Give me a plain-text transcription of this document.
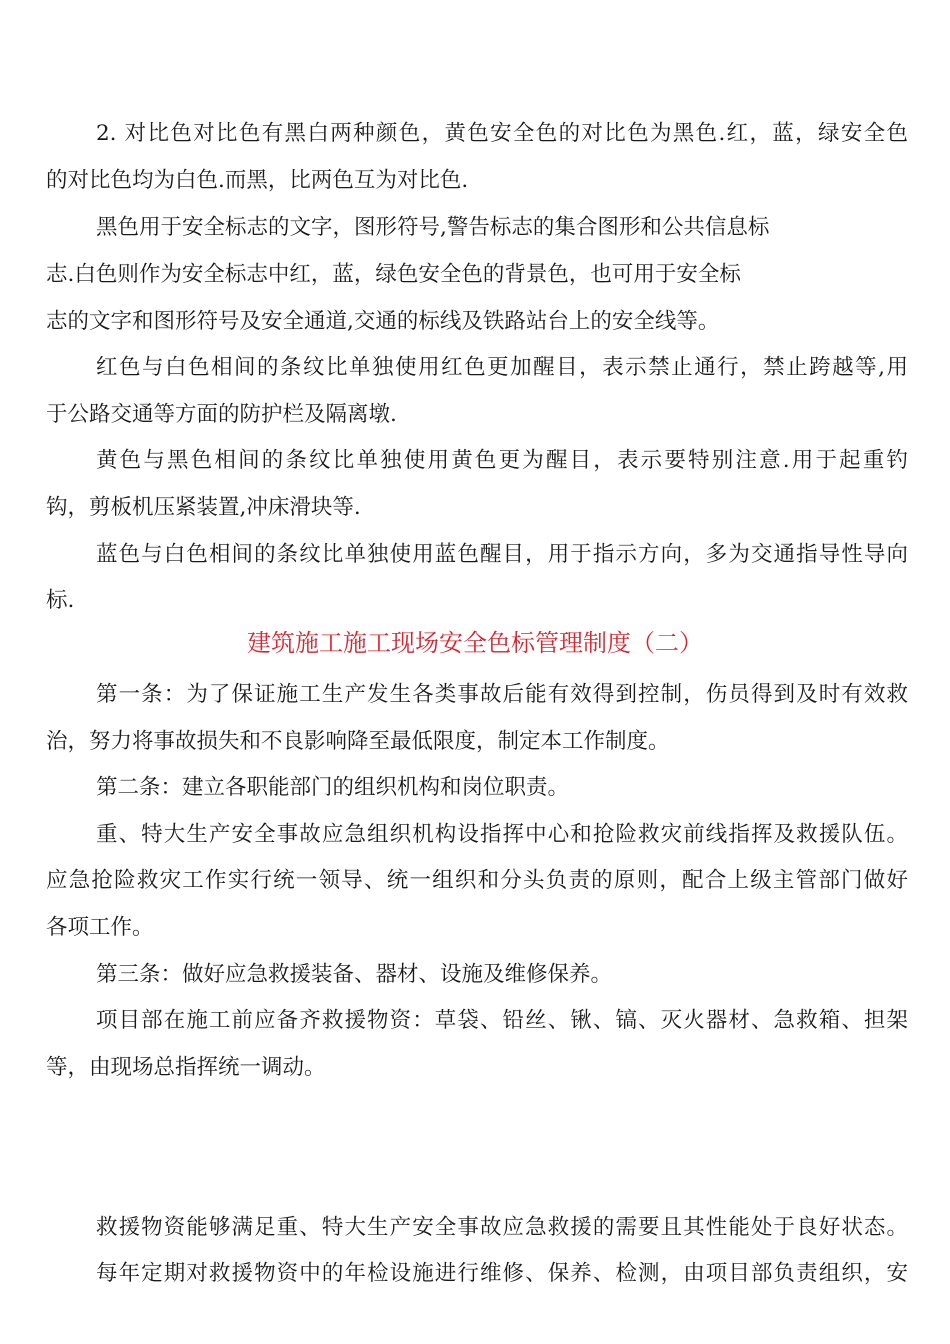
2. 对比色对比色有黑白两种颜色，黄色安全色的对比色为黑色.红，蓝，绿安全色
的对比色均为白色.而黑，比两色互为对比色.
黑色用于安全标志的文字，图形符号,警告标志的集合图形和公共信息标
志.白色则作为安全标志中红，蓝，绿色安全色的背景色，也可用于安全标
志的文字和图形符号及安全通道,交通的标线及铁路站台上的安全线等。
红色与白色相间的条纹比单独使用红色更加醒目，表示禁止通行，禁止跨越等,用
于公路交通等方面的防护栏及隔离墩.
黄色与黑色相间的条纹比单独使用黄色更为醒目，表示要特别注意.用于起重钓
钩，剪板机压紧装置,冲床滑块等.
蓝色与白色相间的条纹比单独使用蓝色醒目，用于指示方向，多为交通指导性导向
标.
建筑施工施工现场安全色标管理制度（二）
第一条：为了保证施工生产发生各类事故后能有效得到控制，伤员得到及时有效救
治，努力将事故损失和不良影响降至最低限度，制定本工作制度。
第二条：建立各职能部门的组织机构和岗位职责。
重、特大生产安全事故应急组织机构设指挥中心和抢险救灾前线指挥及救援队伍。
应急抢险救灾工作实行统一领导、统一组织和分头负责的原则，配合上级主管部门做好
各项工作。
第三条：做好应急救援装备、器材、设施及维修保养。
项目部在施工前应备齐救援物资：草袋、铅丝、锹、镐、灭火器材、急救箱、担架
等，由现场总指挥统一调动。
救援物资能够满足重、特大生产安全事故应急救援的需要且其性能处于良好状态。
每年定期对救援物资中的年检设施进行维修、保养、检测，由项目部负责组织，安
